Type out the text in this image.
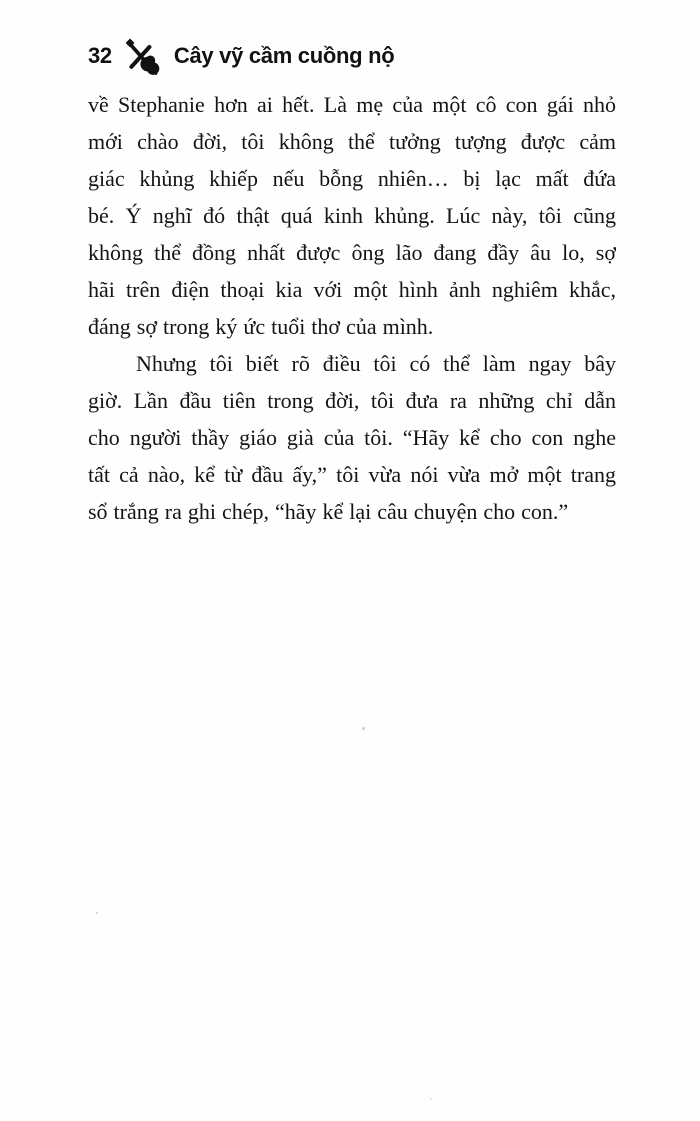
32	Cây vỹ cầm cuồng nộ
về Stephanie hơn ai hết. Là mẹ của một cô con gái nhỏ
mới chào đời, tôi không thể tưởng tượng được cảm
giác khủng khiếp nếu bỗng nhiên… bị lạc mất đứa
bé. Ý nghĩ đó thật quá kinh khủng. Lúc này, tôi cũng
không thể đồng nhất được ông lão đang đầy âu lo, sợ
hãi trên điện thoại kia với một hình ảnh nghiêm khắc,
đáng sợ trong ký ức tuổi thơ của mình.
Nhưng tôi biết rõ điều tôi có thể làm ngay bây
giờ. Lần đầu tiên trong đời, tôi đưa ra những chỉ dẫn
cho người thầy giáo già của tôi. “Hãy kể cho con nghe
tất cả nào, kể từ đầu ấy,” tôi vừa nói vừa mở một trang
sổ trắng ra ghi chép, “hãy kể lại câu chuyện cho con.”
